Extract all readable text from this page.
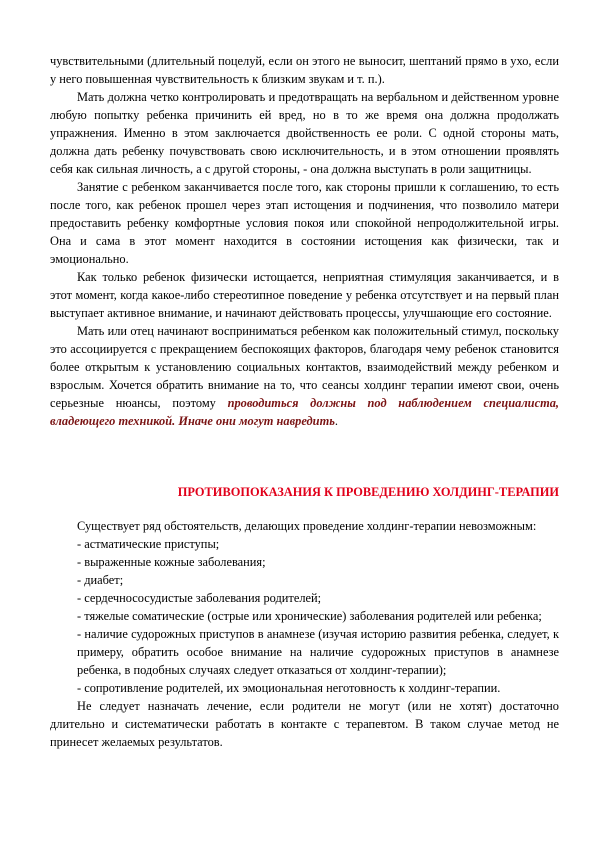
чувствительными (длительный поцелуй, если он этого не выносит, шептаний прямо в ухо, если у него повышенная чувствительность к близким звукам и т. п.).

Мать должна четко контролировать и предотвращать на вербальном и действенном уровне любую попытку ребенка причинить ей вред, но в то же время она должна продолжать упражнения. Именно в этом заключается двойственность ее роли. С одной стороны мать, должна дать ребенку почувствовать свою исключительность, и в этом отношении проявлять себя как сильная личность, а с другой стороны, - она должна выступать в роли защитницы.

Занятие с ребенком заканчивается после того, как стороны пришли к соглашению, то есть после того, как ребенок прошел через этап истощения и подчинения, что позволило матери предоставить ребенку комфортные условия покоя или спокойной непродолжительной игры. Она и сама в этот момент находится в состоянии истощения как физически, так и эмоционально.

Как только ребенок физически истощается, неприятная стимуляция заканчивается, и в этот момент, когда какое-либо стереотипное поведение у ребенка отсутствует и на первый план выступает активное внимание, и начинают действовать процессы, улучшающие его состояние.

Мать или отец начинают восприниматься ребенком как положительный стимул, поскольку это ассоциируется с прекращением беспокоящих факторов, благодаря чему ребенок становится более открытым к установлению социальных контактов, взаимодействий между ребенком и взрослым. Хочется обратить внимание на то, что сеансы холдинг терапии имеют свои, очень серьезные нюансы, поэтому проводиться должны под наблюдением специалиста, владеющего техникой. Иначе они могут навредить.

ПРОТИВОПОКАЗАНИЯ К ПРОВЕДЕНИЮ ХОЛДИНГ-ТЕРАПИИ

Существует ряд обстоятельств, делающих проведение холдинг-терапии невозможным:

- астматические приступы;
- выраженные кожные заболевания;
- диабет;
- сердечнососудистые заболевания родителей;
- тяжелые соматические (острые или хронические) заболевания родителей или ребенка;
- наличие судорожных приступов в анамнезе (изучая историю развития ребенка, следует, к примеру, обратить особое внимание на наличие судорожных приступов в анамнезе ребенка, в подобных случаях следует отказаться от холдинг-терапии);
- сопротивление родителей, их эмоциональная неготовность к холдинг-терапии.

Не следует назначать лечение, если родители не могут (или не хотят) достаточно длительно и систематически работать в контакте с терапевтом. В таком случае метод не принесет желаемых результатов.
